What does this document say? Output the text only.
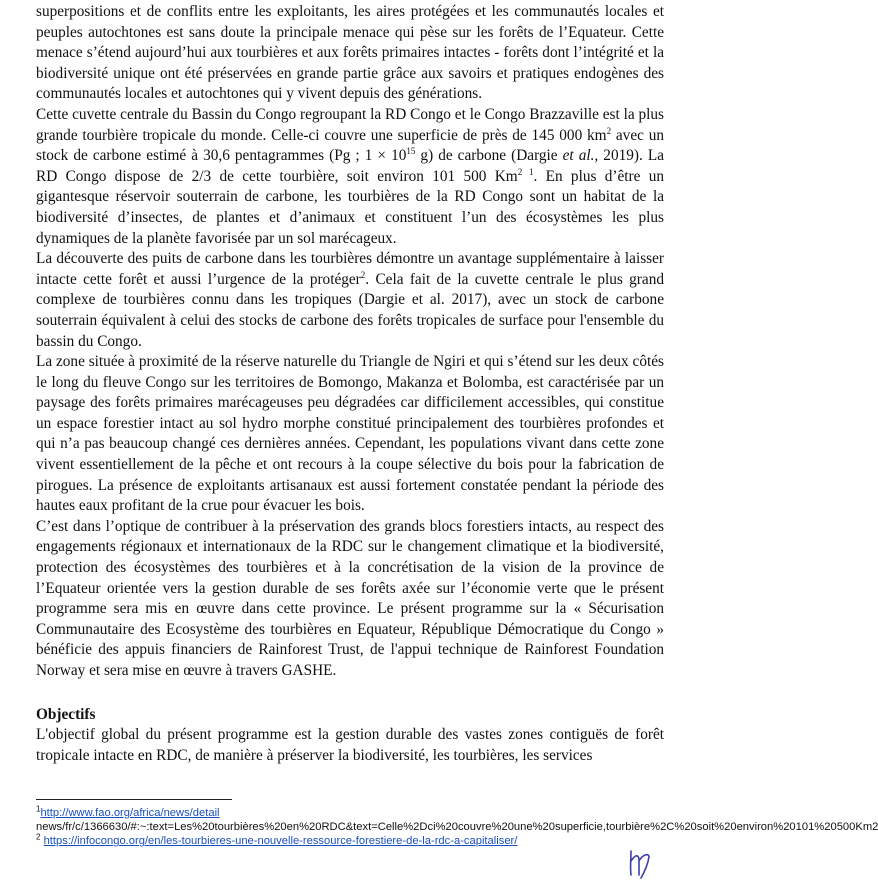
superpositions et de conflits entre les exploitants, les aires protégées et les communautés locales et peuples autochtones est sans doute la principale menace qui pèse sur les forêts de l’Equateur. Cette menace s’étend aujourd’hui aux tourbières et aux forêts primaires intactes - forêts dont l’intégrité et la biodiversité unique ont été préservées en grande partie grâce aux savoirs et pratiques endogènes des communautés locales et autochtones qui y vivent depuis des générations.

Cette cuvette centrale du Bassin du Congo regroupant la RD Congo et le Congo Brazzaville est la plus grande tourbière tropicale du monde. Celle-ci couvre une superficie de près de 145 000 $km^2$ avec un stock de carbone estimé à 30,6 pentagrammes (Pg ; $1 \times 10^{15}$ g) de carbone (Dargie et al., 2019). La RD Congo dispose de 2/3 de cette tourbière, soit environ 101 500 $Km^{2 1}$. En plus d’être un gigantesque réservoir souterrain de carbone, les tourbières de la RD Congo sont un habitat de la biodiversité d’insectes, de plantes et d’animaux et constituent l’un des écosystèmes les plus dynamiques de la planète favorisée par un sol marécageux.

La découverte des puits de carbone dans les tourbières démontre un avantage supplémentaire à laisser intacte cette forêt et aussi l’urgence de la protéger$^2$. Cela fait de la cuvette centrale le plus grand complexe de tourbières connu dans les tropiques (Dargie et al. 2017), avec un stock de carbone souterrain équivalent à celui des stocks de carbone des forêts tropicales de surface pour l'ensemble du bassin du Congo.

La zone située à proximité de la réserve naturelle du Triangle de Ngiri et qui s’étend sur les deux côtés le long du fleuve Congo sur les territoires de Bomongo, Makanza et Bolomba, est caractérisée par un paysage des forêts primaires marécageuses peu dégradées car difficilement accessibles, qui constitue un espace forestier intact au sol hydro morphe constitué principalement des tourbières profondes et qui n’a pas beaucoup changé ces dernières années. Cependant, les populations vivant dans cette zone vivent essentiellement de la pêche et ont recours à la coupe sélective du bois pour la fabrication de pirogues. La présence de exploitants artisanaux est aussi fortement constatée pendant la période des hautes eaux profitant de la crue pour évacuer les bois.

C’est dans l’optique de contribuer à la préservation des grands blocs forestiers intacts, au respect des engagements régionaux et internationaux de la RDC sur le changement climatique et la biodiversité, protection des écosystèmes des tourbières et à la concrétisation de la vision de la province de l’Equateur orientée vers la gestion durable de ses forêts axée sur l’économie verte que le présent programme sera mis en œuvre dans cette province. Le présent programme sur la « Sécurisation Communautaire des Ecosystème des tourbières en Equateur, République Démocratique du Congo » bénéficie des appuis financiers de Rainforest Trust, de l'appui technique de Rainforest Foundation Norway et sera mise en œuvre à travers GASHE.

Objectifs

L'objectif global du présent programme est la gestion durable des vastes zones contiguës de forêt tropicale intacte en RDC, de manière à préserver la biodiversité, les tourbières, les services

$^1$http://www.fao.org/africa/news/detail
news/fr/c/1366630/#:~:text=Les%20tourbières%20en%20RDC&text=Celle%2Dci%20couvre%20une%20superficie,tourbière%2C%20soit%20environ%20101%20500Km2

$^2$ https://infocongo.org/en/les-tourbieres-une-nouvelle-ressource-forestiere-de-la-rdc-a-capitaliser/
